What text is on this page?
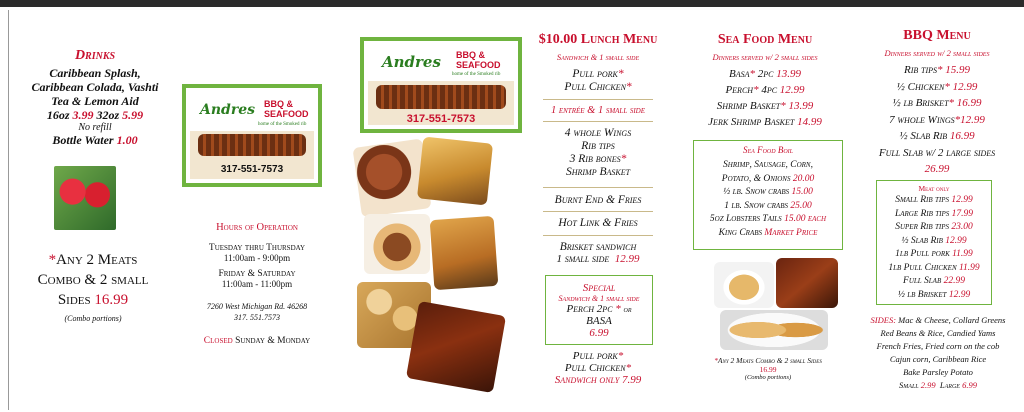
Drinks
Caribbean Splash,
Caribbean Colada, Vashti
Tea & Lemon Aid
16oz 3.99 32oz 5.99
No refill
Bottle Water 1.00
*Any 2 Meats
Combo & 2 small
Sides 16.99
(Combo portions)
Andres BBQ &
SEAFOOD
home of the Smoked rib
317-551-7573
Hours of Operation
Tuesday thru Thursday
11:00am - 9:00pm
Friday & Saturday
11:00am - 11:00pm
7260 West Michigan Rd. 46268
317. 551.7573
Closed Sunday & Monday
Andres BBQ &
SEAFOOD
home of the Smoked rib
317-551-7573
$10.00 Lunch Menu
Sandwich & 1 small side
Pull pork*
Pull Chicken*
1 entrée & 1 small side
4 whole Wings
Rib tips
3 Rib bones*
Shrimp Basket
Burnt End & Fries
Hot Link & Fries
Brisket sandwich
1 small side 12.99
Special
Sandwich & 1 small side
Perch 2pc * or
BASA
6.99
Pull pork*
Pull Chicken*
Sandwich only 7.99
Sea Food Menu
Dinners served w/ 2 small sides
Basa* 2pc 13.99
Perch* 4pc 12.99
Shrimp Basket* 13.99
Jerk Shrimp Basket 14.99
Sea Food Boil
Shrimp, Sausage, Corn,
Potato, & Onions 20.00
½ lb. Snow crabs 15.00
1 lb. Snow crabs 25.00
5oz Lobsters Tails 15.00 each
King Crabs Market Price
*Any 2 Meats Combo & 2 small Sides
16.99
(Combo portions)
BBQ Menu
Dinners served w/ 2 small sides
Rib tips* 15.99
½ Chicken* 12.99
½ lb Brisket* 16.99
7 whole Wings*12.99
½ Slab Rib 16.99
Full Slab w/ 2 large sides
26.99
Meat only
Small Rib tips 12.99
Large Rib tips 17.99
Super Rib tips 23.00
½ Slab Rib 12.99
1lb Pull pork 11.99
1lb Pull Chicken 11.99
Full Slab 22.99
½ lb Brisket 12.99
SIDES: Mac & Cheese, Collard Greens
Red Beans & Rice, Candied Yams
French Fries, Fried corn on the cob
Cajun corn, Caribbean Rice
Bake Parsley Potato
Small 2.99 Large 6.99
